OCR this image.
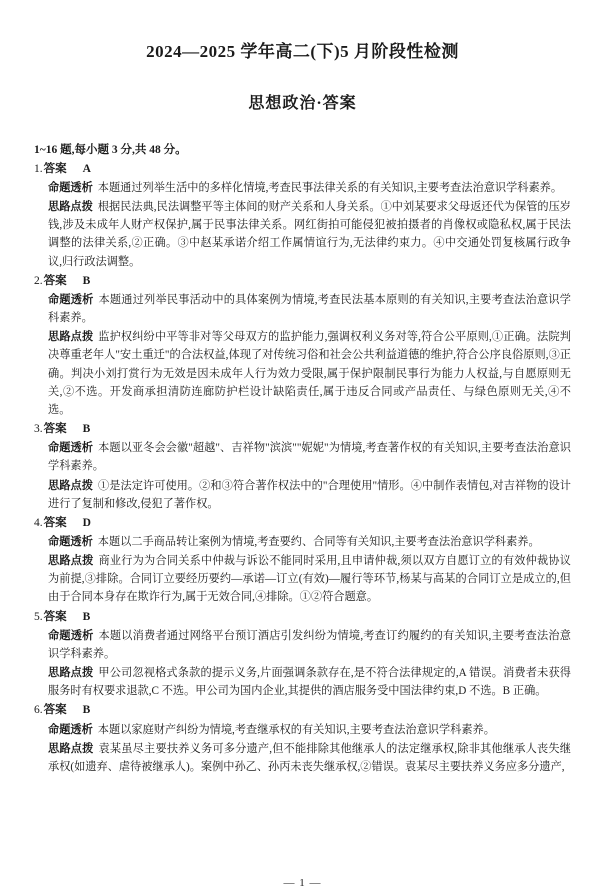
2024—2025 学年高二(下)5 月阶段性检测
思想政治·答案
1~16 题,每小题 3 分,共 48 分。
1.答案 A
命题透析 本题通过列举生活中的多样化情境,考查民事法律关系的有关知识,主要考查法治意识学科素养。
思路点拨 根据民法典,民法调整平等主体间的财产关系和人身关系。①中刘某要求父母返还代为保管的压岁钱,涉及未成年人财产权保护,属于民事法律关系。网红街拍可能侵犯被拍摄者的肖像权或隐私权,属于民法调整的法律关系,②正确。③中赵某承诺介绍工作属情谊行为,无法律约束力。④中交通处罚复核属行政争议,归行政法调整。
2.答案 B
命题透析 本题通过列举民事活动中的具体案例为情境,考查民法基本原则的有关知识,主要考查法治意识学科素养。
思路点拨 监护权纠纷中平等非对等父母双方的监护能力,强调权利义务对等,符合公平原则,①正确。法院判决尊重老年人"安土重迁"的合法权益,体现了对传统习俗和社会公共利益道德的维护,符合公序良俗原则,③正确。判决小刘打赏行为无效是因未成年人行为效力受限,属于保护限制民事行为能力人权益,与自愿原则无关,②不选。开发商承担清防连廊防护栏设计缺陷责任,属于违反合同或产品责任、与绿色原则无关,④不选。
3.答案 B
命题透析 本题以亚冬会会徽"超越"、吉祥物"滨滨""妮妮"为情境,考查著作权的有关知识,主要考查法治意识学科素养。
思路点拨 ①是法定许可使用。②和③符合著作权法中的"合理使用"情形。④中制作表情包,对吉祥物的设计进行了复制和修改,侵犯了著作权。
4.答案 D
命题透析 本题以二手商品转让案例为情境,考查要约、合同等有关知识,主要考查法治意识学科素养。
思路点拨 商业行为为合同关系中仲裁与诉讼不能同时采用,且申请仲裁,须以双方自愿订立的有效仲裁协议为前提,③排除。合同订立要经历要约—承诺—订立(有效)—履行等环节,杨某与高某的合同订立是成立的,但由于合同本身存在欺诈行为,属于无效合同,④排除。①②符合题意。
5.答案 B
命题透析 本题以消费者通过网络平台预订酒店引发纠纷为情境,考查订约履约的有关知识,主要考查法治意识学科素养。
思路点拨 甲公司忽视格式条款的提示义务,片面强调条款存在,是不符合法律规定的,A 错误。消费者未获得服务时有权要求退款,C 不选。甲公司为国内企业,其提供的酒店服务受中国法律约束,D 不选。B 正确。
6.答案 B
命题透析 本题以家庭财产纠纷为情境,考查继承权的有关知识,主要考查法治意识学科素养。
思路点拨 袁某虽尽主要扶养义务可多分遗产,但不能排除其他继承人的法定继承权,除非其他继承人丧失继承权(如遗弃、虐待被继承人)。案例中孙乙、孙丙未丧失继承权,②错误。袁某尽主要扶养义务应多分遗产,
— 1 —
